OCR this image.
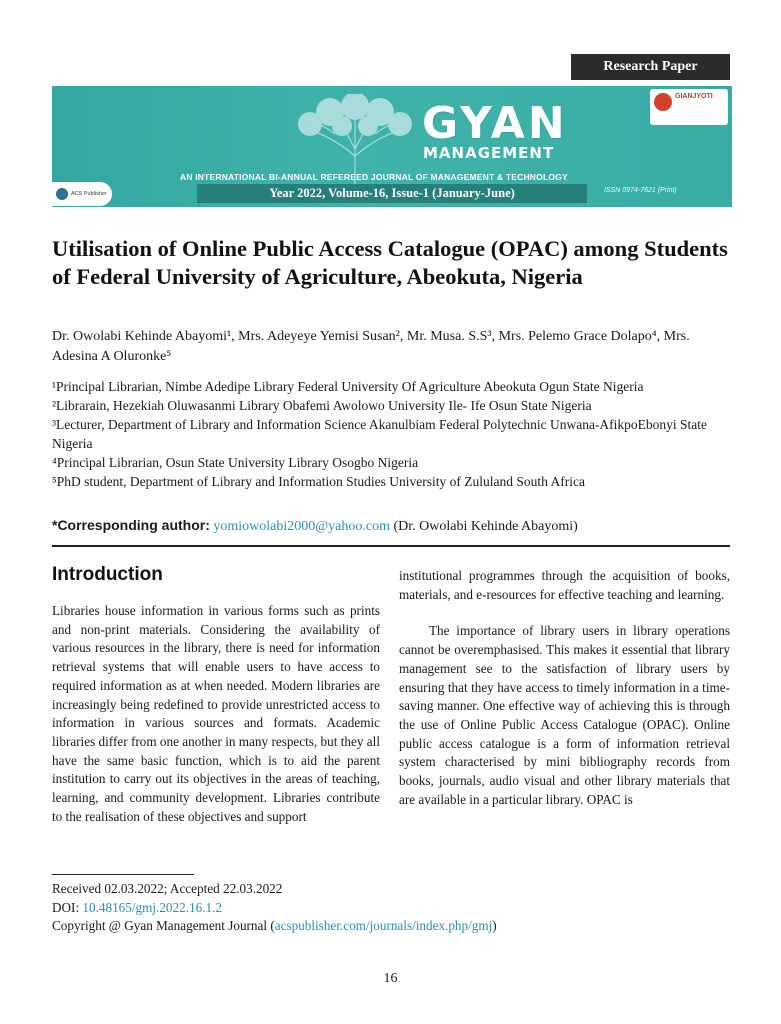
Research Paper
GYAN
MANAGEMENT
AN INTERNATIONAL BI-ANNUAL REFEREED JOURNAL OF MANAGEMENT & TECHNOLOGY
Year 2022, Volume-16, Issue-1 (January-June)	ISSN 0974-7621 (Print)
ACS Publisher
GIANJYOTI

Utilisation of Online Public Access Catalogue (OPAC) among Students of Federal University of Agriculture, Abeokuta, Nigeria
Dr. Owolabi Kehinde Abayomi¹, Mrs. Adeyeye Yemisi Susan², Mr. Musa. S.S³, Mrs. Pelemo Grace Dolapo⁴, Mrs. Adesina A Oluronke⁵

¹Principal Librarian, Nimbe Adedipe Library Federal University Of Agriculture Abeokuta Ogun State Nigeria

²Librarain, Hezekiah Oluwasanmi Library Obafemi Awolowo University Ile- Ife Osun State Nigeria

³Lecturer, Department of Library and Information Science Akanulbiam Federal Polytechnic Unwana-AfikpoEbonyi State Nigeria

⁴Principal Librarian, Osun State University Library Osogbo Nigeria

⁵PhD student, Department of Library and Information Studies University of Zululand South Africa

*Corresponding author: yomiowolabi2000@yahoo.com (Dr. Owolabi Kehinde Abayomi)
Introduction

Libraries house information in various forms such as prints and non-print materials. Considering the availability of various resources in the library, there is need for information retrieval systems that will enable users to have access to required information as at when needed. Modern libraries are increasingly being redefined to provide unrestricted access to information in various sources and formats. Academic libraries differ from one another in many respects, but they all have the same basic function, which is to aid the parent institution to carry out its objectives in the areas of teaching, learning, and community development. Libraries contribute to the realisation of these objectives and support

institutional programmes through the acquisition of books, materials, and e-resources for effective teaching and learning.

The importance of library users in library operations cannot be overemphasised. This makes it essential that library management see to the satisfaction of library users by ensuring that they have access to timely information in a time-saving manner. One effective way of achieving this is through the use of Online Public Access Catalogue (OPAC). Online public access catalogue is a form of information retrieval system characterised by mini bibliography records from books, journals, audio visual and other library materials that are available in a particular library. OPAC is

Received 02.03.2022; Accepted 22.03.2022
DOI: 10.48165/gmj.2022.16.1.2
Copyright @ Gyan Management Journal (acspublisher.com/journals/index.php/gmj)
16
